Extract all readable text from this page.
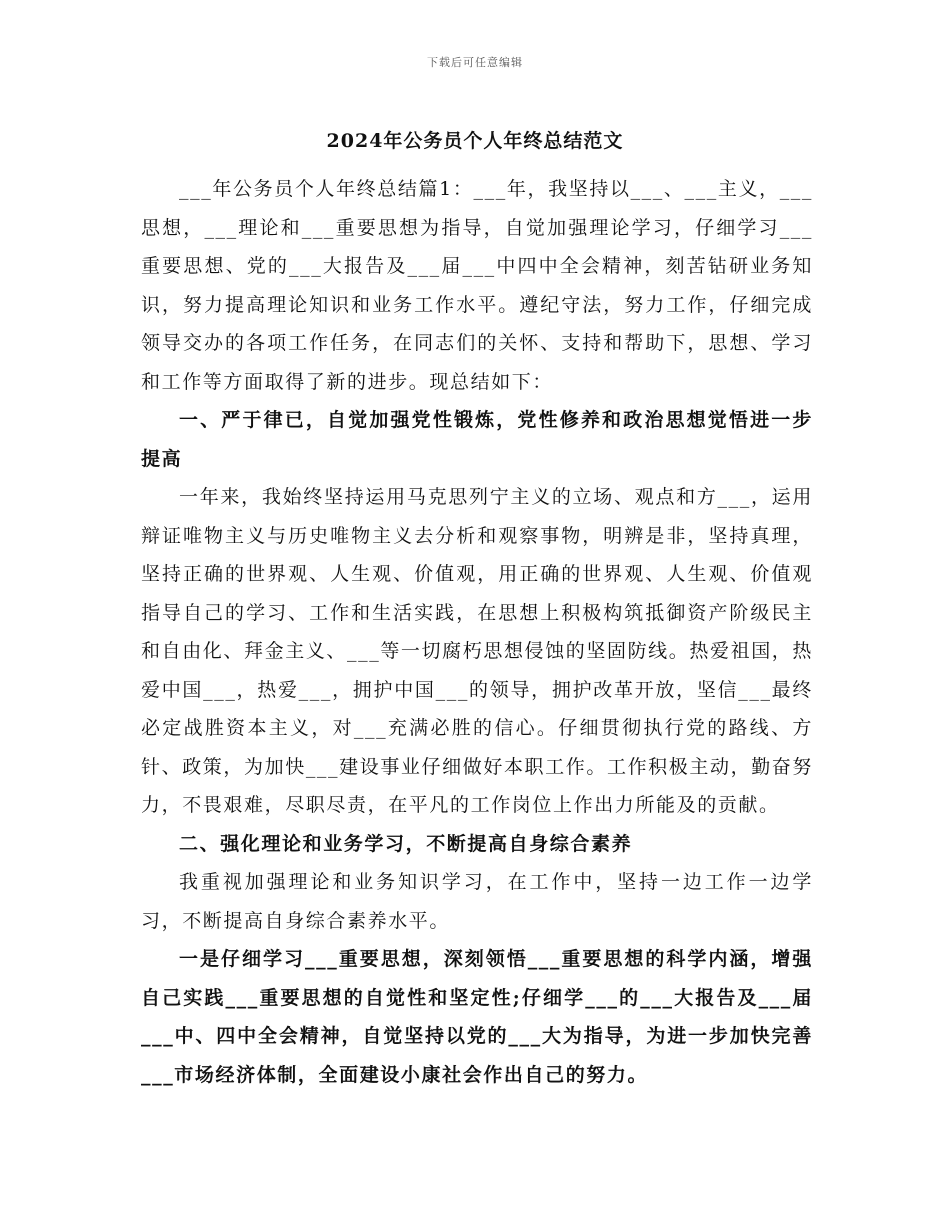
下载后可任意编辑
2024年公务员个人年终总结范文

___年公务员个人年终总结篇1：___年，我坚持以___、___主义，___思想，___理论和___重要思想为指导，自觉加强理论学习，仔细学习___重要思想、党的___大报告及___届___中四中全会精神，刻苦钻研业务知识，努力提高理论知识和业务工作水平。遵纪守法，努力工作，仔细完成领导交办的各项工作任务，在同志们的关怀、支持和帮助下，思想、学习和工作等方面取得了新的进步。现总结如下：

一、严于律已，自觉加强党性锻炼，党性修养和政治思想觉悟进一步提高

一年来，我始终坚持运用马克思列宁主义的立场、观点和方___，运用辩证唯物主义与历史唯物主义去分析和观察事物，明辨是非，坚持真理，坚持正确的世界观、人生观、价值观，用正确的世界观、人生观、价值观指导自己的学习、工作和生活实践，在思想上积极构筑抵御资产阶级民主和自由化、拜金主义、___等一切腐朽思想侵蚀的坚固防线。热爱祖国，热爱中国___，热爱___，拥护中国___的领导，拥护改革开放，坚信___最终必定战胜资本主义，对___充满必胜的信心。仔细贯彻执行党的路线、方针、政策，为加快___建设事业仔细做好本职工作。工作积极主动，勤奋努力，不畏艰难，尽职尽责，在平凡的工作岗位上作出力所能及的贡献。

二、强化理论和业务学习，不断提高自身综合素养

我重视加强理论和业务知识学习，在工作中，坚持一边工作一边学习，不断提高自身综合素养水平。

一是仔细学习___重要思想，深刻领悟___重要思想的科学内涵，增强自己实践___重要思想的自觉性和坚定性;仔细学___的___大报告及___届___中、四中全会精神，自觉坚持以党的___大为指导，为进一步加快完善___市场经济体制，全面建设小康社会作出自己的努力。
